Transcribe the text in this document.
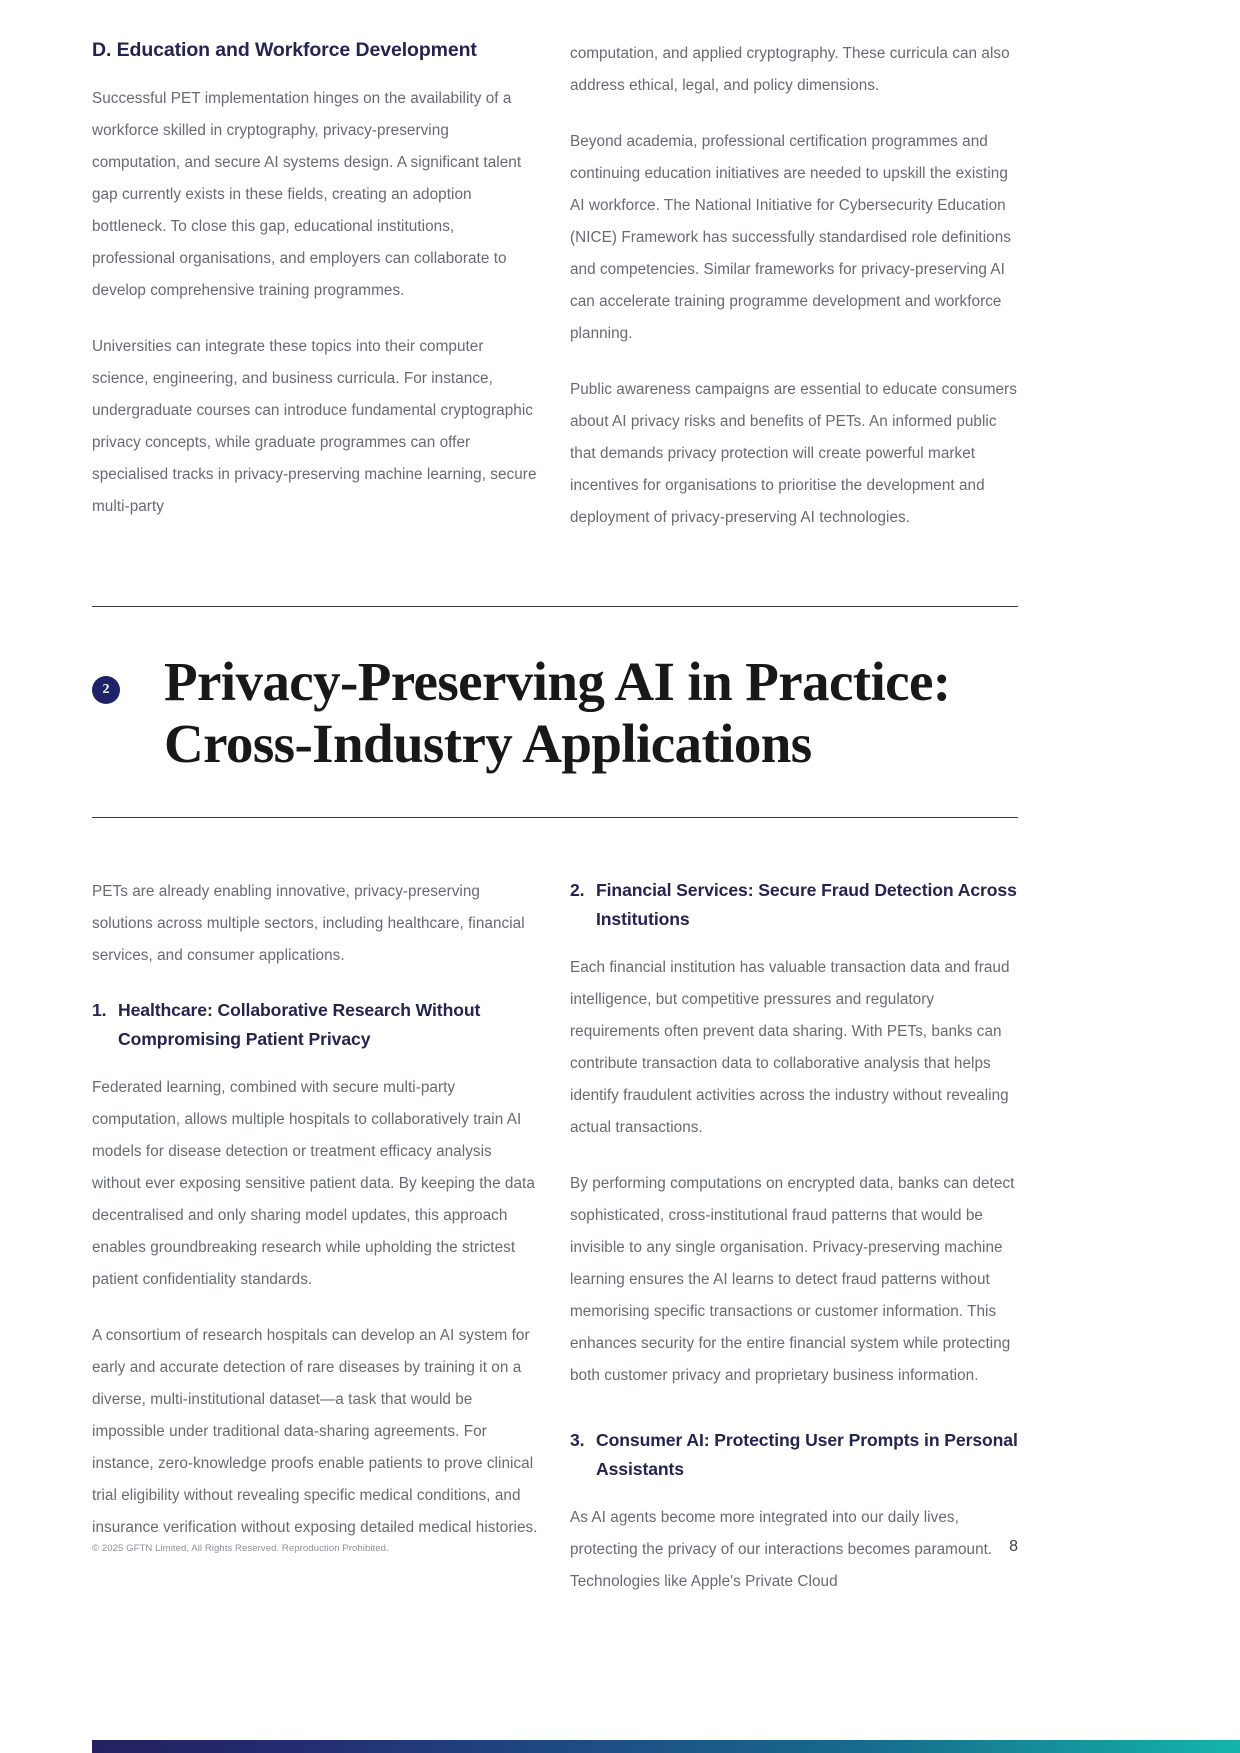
D. Education and Workforce Development

Successful PET implementation hinges on the availability of a workforce skilled in cryptography, privacy-preserving computation, and secure AI systems design. A significant talent gap currently exists in these fields, creating an adoption bottleneck. To close this gap, educational institutions, professional organisations, and employers can collaborate to develop comprehensive training programmes.

Universities can integrate these topics into their computer science, engineering, and business curricula. For instance, undergraduate courses can introduce fundamental cryptographic privacy concepts, while graduate programmes can offer specialised tracks in privacy-preserving machine learning, secure multi-party

computation, and applied cryptography. These curricula can also address ethical, legal, and policy dimensions.

Beyond academia, professional certification programmes and continuing education initiatives are needed to upskill the existing AI workforce. The National Initiative for Cybersecurity Education (NICE) Framework has successfully standardised role definitions and competencies. Similar frameworks for privacy-preserving AI can accelerate training programme development and workforce planning.

Public awareness campaigns are essential to educate consumers about AI privacy risks and benefits of PETs. An informed public that demands privacy protection will create powerful market incentives for organisations to prioritise the development and deployment of privacy-preserving AI technologies.

2 Privacy-Preserving AI in Practice: Cross-Industry Applications

PETs are already enabling innovative, privacy-preserving solutions across multiple sectors, including healthcare, financial services, and consumer applications.

1. Healthcare: Collaborative Research Without Compromising Patient Privacy

Federated learning, combined with secure multi-party computation, allows multiple hospitals to collaboratively train AI models for disease detection or treatment efficacy analysis without ever exposing sensitive patient data. By keeping the data decentralised and only sharing model updates, this approach enables groundbreaking research while upholding the strictest patient confidentiality standards.

A consortium of research hospitals can develop an AI system for early and accurate detection of rare diseases by training it on a diverse, multi-institutional dataset—a task that would be impossible under traditional data-sharing agreements. For instance, zero-knowledge proofs enable patients to prove clinical trial eligibility without revealing specific medical conditions, and insurance verification without exposing detailed medical histories.

2. Financial Services: Secure Fraud Detection Across Institutions

Each financial institution has valuable transaction data and fraud intelligence, but competitive pressures and regulatory requirements often prevent data sharing. With PETs, banks can contribute transaction data to collaborative analysis that helps identify fraudulent activities across the industry without revealing actual transactions.

By performing computations on encrypted data, banks can detect sophisticated, cross-institutional fraud patterns that would be invisible to any single organisation. Privacy-preserving machine learning ensures the AI learns to detect fraud patterns without memorising specific transactions or customer information. This enhances security for the entire financial system while protecting both customer privacy and proprietary business information.

3. Consumer AI: Protecting User Prompts in Personal Assistants

As AI agents become more integrated into our daily lives, protecting the privacy of our interactions becomes paramount. Technologies like Apple's Private Cloud

© 2025 GFTN Limited, All Rights Reserved. Reproduction Prohibited.	8
